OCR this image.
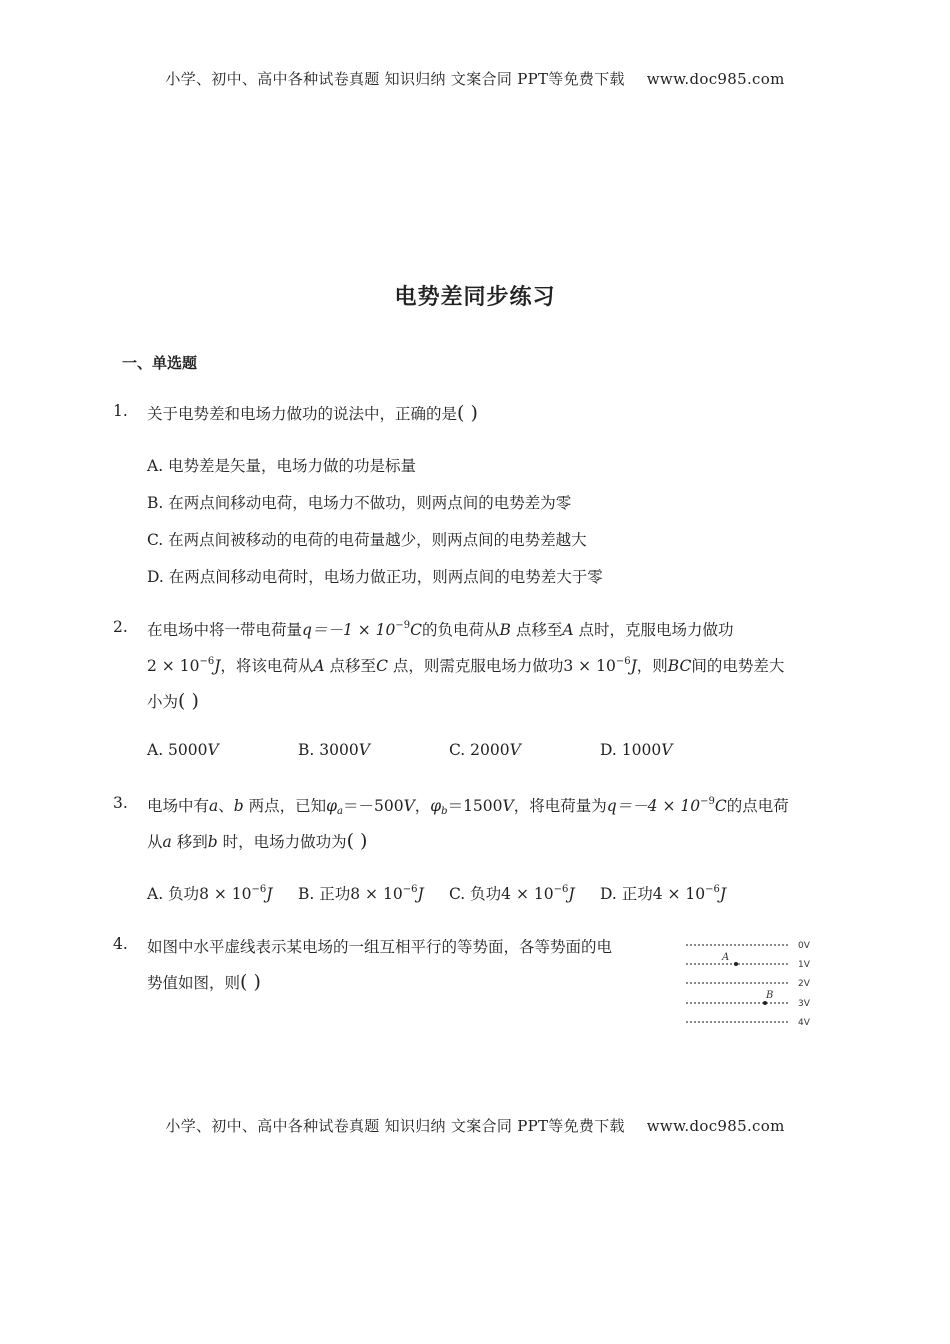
小学、初中、高中各种试卷真题 知识归纳 文案合同 PPT等免费下载 www.doc985.com
电势差同步练习
一、单选题
1.	关于电势差和电场力做功的说法中，正确的是( )
A. 电势差是矢量，电场力做的功是标量
B. 在两点间移动电荷，电场力不做功，则两点间的电势差为零
C. 在两点间被移动的电荷的电荷量越少，则两点间的电势差越大
D. 在两点间移动电荷时，电场力做正功，则两点间的电势差大于零
2.	在电场中将一带电荷量$q=-1 \times 10^{-9}C$的负电荷从B 点移至A 点时，克服电场力做功
$2 \times 10^{-6}J$，将该电荷从A 点移至C 点，则需克服电场力做功$3 \times 10^{-6}J$，则BC间的电势差大
小为( )
A. 5000V	B. 3000V	C. 2000V	D. 1000V
3.	电场中有a、b 两点，已知$\varphi_a=-500V$，$\varphi_b=1500V$，将电荷量为$q=-4 \times 10^{-9}C$的点电荷
从a 移到b 时，电场力做功为( )
A. 负功$8 \times 10^{-6}J$ B. 正功$8 \times 10^{-6}J$ C. 负功$4 \times 10^{-6}J$ D. 正功$4 \times 10^{-6}J$
4.	如图中水平虚线表示某电场的一组互相平行的等势面，各等势面的电
势值如图，则( )
A
B
0V
1V
2V
3V
4V
小学、初中、高中各种试卷真题 知识归纳 文案合同 PPT等免费下载 www.doc985.com
